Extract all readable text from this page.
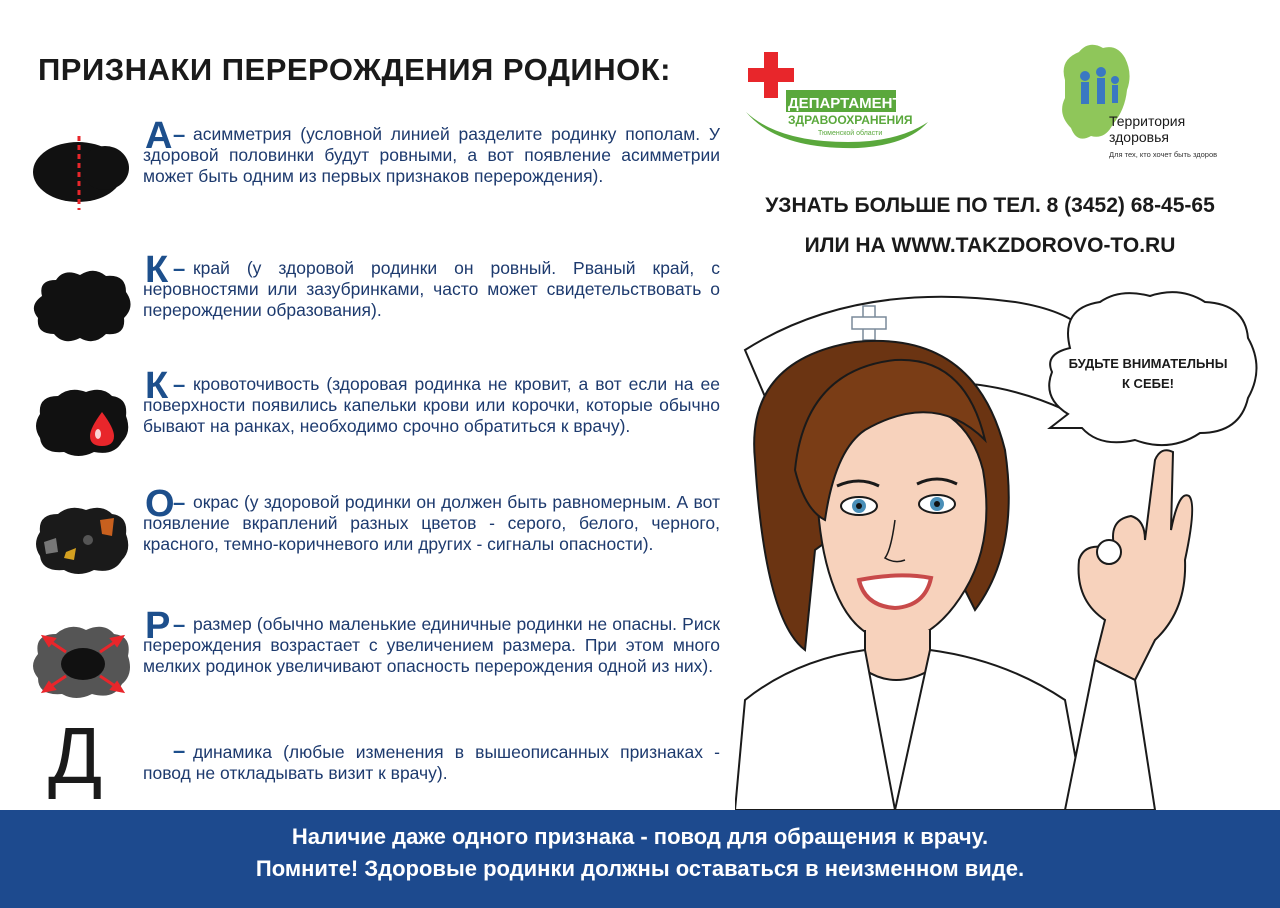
ПРИЗНАКИ ПЕРЕРОЖДЕНИЯ РОДИНОК:
А – асимметрия (условной линией разделите родинку пополам. У здоровой половинки будут ровными, а вот появление асимметрии может быть одним из первых признаков перерождения).
К – край (у здоровой родинки он ровный. Рваный край, с неровностями или зазубринками, часто может свидетельствовать о перерождении образования).
К – кровоточивость (здоровая родинка не кровит, а вот если на ее поверхности появились капельки крови или корочки, которые обычно бывают на ранках, необходимо срочно обратиться к врачу).
О
– окрас (у здоровой родинки он должен быть равномерным. А вот появление вкраплений разных цветов - серого, белого, черного, красного, темно-коричневого или других - сигналы опасности).
Р – размер (обычно маленькие единичные родинки не опасны. Риск перерождения возрастает с увеличением размера. При этом много мелких родинок увеличивают опасность перерождения одной из них).
Д	– динамика (любые изменения в вышеописанных признаках - повод не откладывать визит к врачу).
ДЕПАРТАМЕНТ
ЗДРАВООХРАНЕНИЯ
Тюменской области
Территория
здоровья
Для тех, кто хочет быть здоров
УЗНАТЬ БОЛЬШЕ ПО ТЕЛ. 8 (3452) 68-45-65
ИЛИ НА WWW.TAKZDOROVO-TO.RU
БУДЬТЕ ВНИМАТЕЛЬНЫ
К СЕБЕ!
Наличие даже одного признака - повод для обращения к врачу.
Помните! Здоровые родинки должны оставаться в неизменном виде.
